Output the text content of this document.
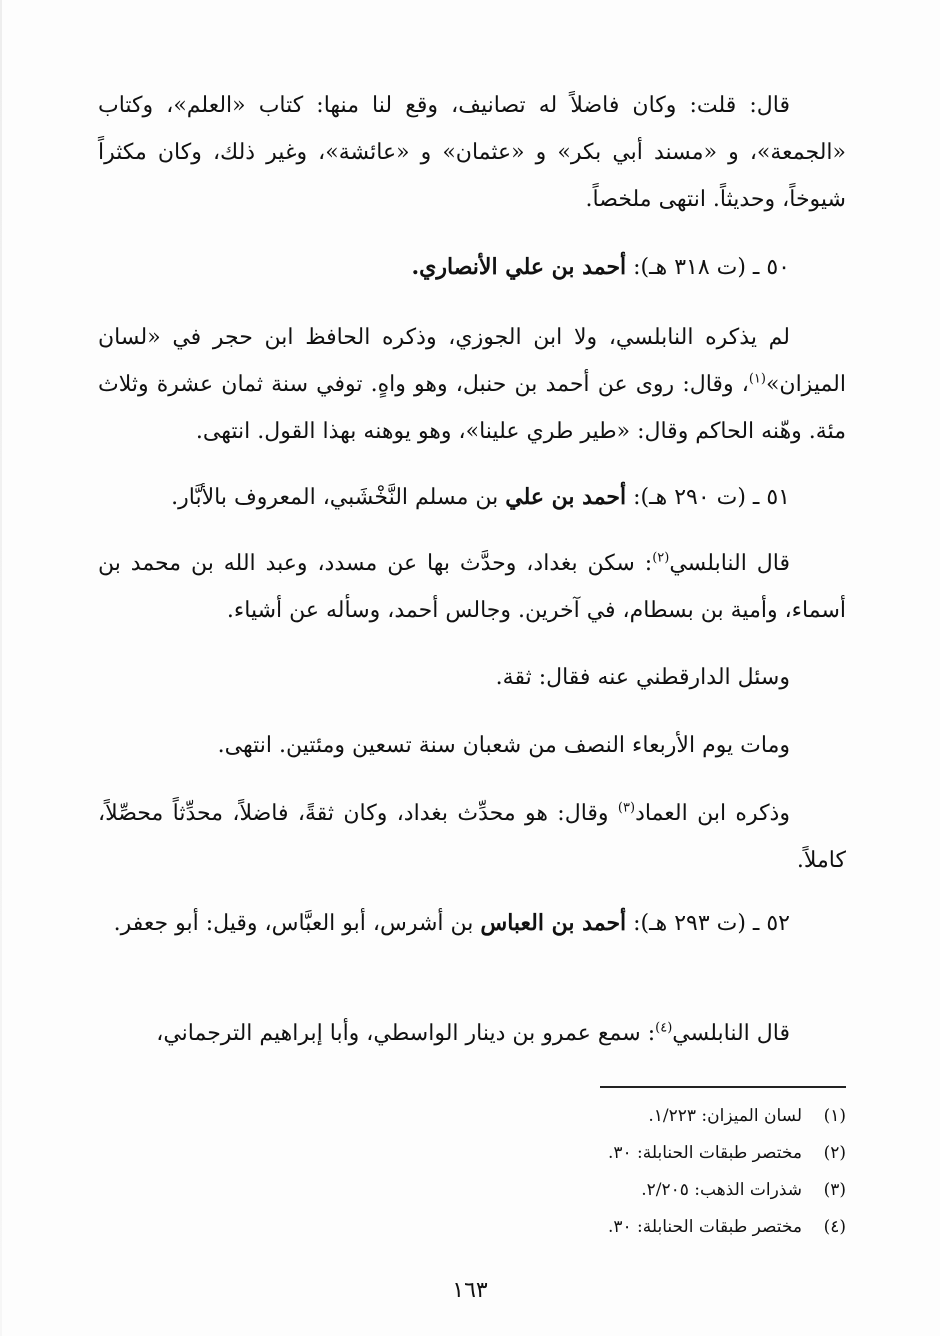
قال: قلت: وكان فاضلاً له تصانيف، وقع لنا منها: كتاب «العلم»، وكتاب «الجمعة»، و «مسند أبي بكر» و «عثمان» و «عائشة»، وغير ذلك، وكان مكثراً شيوخاً، وحديثاً. انتهى ملخصاً.

٥٠ ـ (ت ٣١٨ هـ): أحمد بن علي الأنصاري.

لم يذكره النابلسي، ولا ابن الجوزي، وذكره الحافظ ابن حجر في «لسان الميزان»$^{(١)}$، وقال: روى عن أحمد بن حنبل، وهو واهٍ. توفي سنة ثمان عشرة وثلاث مئة. وهّنه الحاكم وقال: «طير طري علينا»، وهو يوهنه بهذا القول. انتهى.

٥١ ـ (ت ٢٩٠ هـ): أحمد بن علي بن مسلم النَّخْشَبي، المعروف بالأبَّار.

قال النابلسي$^{(٢)}$: سكن بغداد، وحدَّث بها عن مسدد، وعبد الله بن محمد بن أسماء، وأمية بن بسطام، في آخرين. وجالس أحمد، وسأله عن أشياء.

وسئل الدارقطني عنه فقال: ثقة.

ومات يوم الأربعاء النصف من شعبان سنة تسعين ومئتين. انتهى.

وذكره ابن العماد$^{(٣)}$ وقال: هو محدِّث بغداد، وكان ثقةً، فاضلاً، محدِّثاً محصِّلاً، كاملاً.

٥٢ ـ (ت ٢٩٣ هـ): أحمد بن العباس بن أشرس، أبو العبَّاس، وقيل: أبو جعفر.

قال النابلسي$^{(٤)}$: سمع عمرو بن دينار الواسطي، وأبا إبراهيم الترجماني،

(١)لسان الميزان: ١/٢٢٣.
(٢)مختصر طبقات الحنابلة: ٣٠.
(٣)شذرات الذهب: ٢/٢٠٥.
(٤)مختصر طبقات الحنابلة: ٣٠.
١٦٣
